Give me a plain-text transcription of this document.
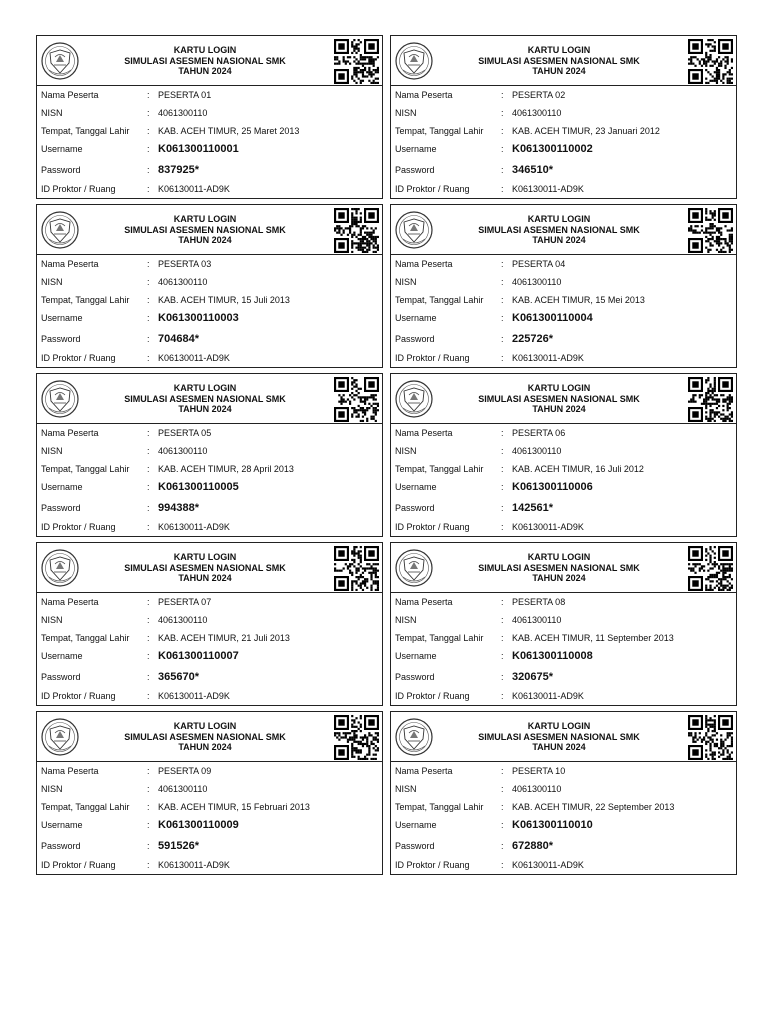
KARTU LOGIN
SIMULASI ASESMEN NASIONAL SMK
TAHUN 2024
Nama Peserta	: PESERTA 01
NISN	: 4061300110
Tempat, Tanggal Lahir : KAB. ACEH TIMUR, 25 Maret 2013
Username	: K061300110001
Password	: 837925*
ID Proktor / Ruang	: K06130011-AD9K
KARTU LOGIN
SIMULASI ASESMEN NASIONAL SMK
TAHUN 2024
Nama Peserta	: PESERTA 02
NISN	: 4061300110
Tempat, Tanggal Lahir : KAB. ACEH TIMUR, 23 Januari 2012
Username	: K061300110002
Password	: 346510*
ID Proktor / Ruang	: K06130011-AD9K
KARTU LOGIN
SIMULASI ASESMEN NASIONAL SMK
TAHUN 2024
Nama Peserta	: PESERTA 03
NISN	: 4061300110
Tempat, Tanggal Lahir : KAB. ACEH TIMUR, 15 Juli 2013
Username	: K061300110003
Password	: 704684*
ID Proktor / Ruang	: K06130011-AD9K
KARTU LOGIN
SIMULASI ASESMEN NASIONAL SMK
TAHUN 2024
Nama Peserta	: PESERTA 04
NISN	: 4061300110
Tempat, Tanggal Lahir : KAB. ACEH TIMUR, 15 Mei 2013
Username	: K061300110004
Password	: 225726*
ID Proktor / Ruang	: K06130011-AD9K
KARTU LOGIN
SIMULASI ASESMEN NASIONAL SMK
TAHUN 2024
Nama Peserta	: PESERTA 05
NISN	: 4061300110
Tempat, Tanggal Lahir : KAB. ACEH TIMUR, 28 April 2013
Username	: K061300110005
Password	: 994388*
ID Proktor / Ruang	: K06130011-AD9K
KARTU LOGIN
SIMULASI ASESMEN NASIONAL SMK
TAHUN 2024
Nama Peserta	: PESERTA 06
NISN	: 4061300110
Tempat, Tanggal Lahir : KAB. ACEH TIMUR, 16 Juli 2012
Username	: K061300110006
Password	: 142561*
ID Proktor / Ruang	: K06130011-AD9K
KARTU LOGIN
SIMULASI ASESMEN NASIONAL SMK
TAHUN 2024
Nama Peserta	: PESERTA 07
NISN	: 4061300110
Tempat, Tanggal Lahir : KAB. ACEH TIMUR, 21 Juli 2013
Username	: K061300110007
Password	: 365670*
ID Proktor / Ruang	: K06130011-AD9K
KARTU LOGIN
SIMULASI ASESMEN NASIONAL SMK
TAHUN 2024
Nama Peserta	: PESERTA 08
NISN	: 4061300110
Tempat, Tanggal Lahir : KAB. ACEH TIMUR, 11 September 2013
Username	: K061300110008
Password	: 320675*
ID Proktor / Ruang	: K06130011-AD9K
KARTU LOGIN
SIMULASI ASESMEN NASIONAL SMK
TAHUN 2024
Nama Peserta	: PESERTA 09
NISN	: 4061300110
Tempat, Tanggal Lahir : KAB. ACEH TIMUR, 15 Februari 2013
Username	: K061300110009
Password	: 591526*
ID Proktor / Ruang	: K06130011-AD9K
KARTU LOGIN
SIMULASI ASESMEN NASIONAL SMK
TAHUN 2024
Nama Peserta	: PESERTA 10
NISN	: 4061300110
Tempat, Tanggal Lahir : KAB. ACEH TIMUR, 22 September 2013
Username	: K061300110010
Password	: 672880*
ID Proktor / Ruang	: K06130011-AD9K
